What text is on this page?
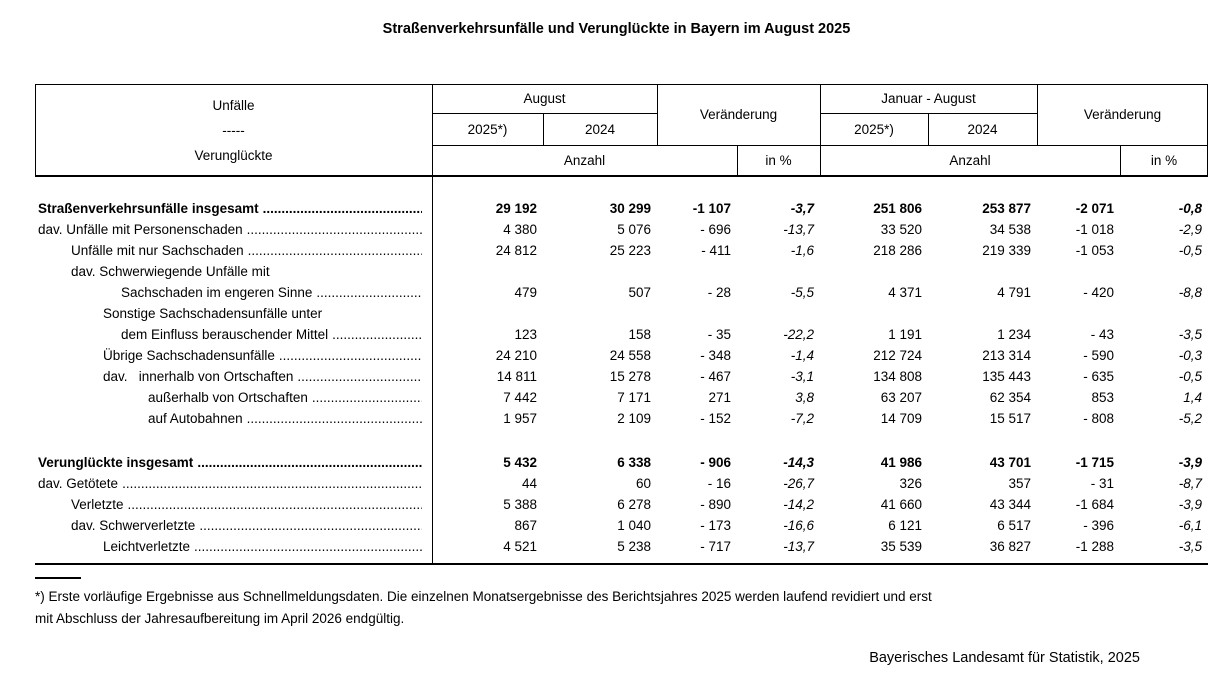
Straßenverkehrsunfälle und Verunglückte in Bayern im August 2025
Unfälle
-----
Verunglückte
August
2025*)	2024
Veränderung
Januar - August
2025*)	2024
Veränderung
Anzahl	in %	Anzahl	in %
Straßenverkehrsunfälle insgesamt .....	29 192	30 299	-1 107	-3,7	251 806	253 877	-2 071	-0,8
dav. Unfälle mit Personenschaden .....	4 380	5 076	- 696	-13,7	33 520	34 538	-1 018	-2,9
Unfälle mit nur Sachschaden .....	24 812	25 223	- 411	-1,6	218 286	219 339	-1 053	-0,5
dav. Schwerwiegende Unfälle mit
Sachschaden im engeren Sinne .....	479	507	- 28	-5,5	4 371	4 791	- 420	-8,8
Sonstige Sachschadensunfälle unter
dem Einfluss berauschender Mittel .....	123	158	- 35	-22,2	1 191	1 234	- 43	-3,5
Übrige Sachschadensunfälle .....	24 210	24 558	- 348	-1,4	212 724	213 314	- 590	-0,3
dav.   innerhalb von Ortschaften .....	14 811	15 278	- 467	-3,1	134 808	135 443	- 635	-0,5
außerhalb von Ortschaften .....	7 442	7 171	271	3,8	63 207	62 354	853	1,4
auf Autobahnen .....	1 957	2 109	- 152	-7,2	14 709	15 517	- 808	-5,2
Verunglückte insgesamt .....	5 432	6 338	- 906	-14,3	41 986	43 701	-1 715	-3,9
dav. Getötete .....	44	60	- 16	-26,7	326	357	- 31	-8,7
Verletzte .....	5 388	6 278	- 890	-14,2	41 660	43 344	-1 684	-3,9
dav. Schwerverletzte .....	867	1 040	- 173	-16,6	6 121	6 517	- 396	-6,1
Leichtverletzte .....	4 521	5 238	- 717	-13,7	35 539	36 827	-1 288	-3,5
*) Erste vorläufige Ergebnisse aus Schnellmeldungsdaten. Die einzelnen Monatsergebnisse des Berichtsjahres 2025 werden laufend revidiert und erst
mit Abschluss der Jahresaufbereitung im April 2026 endgültig.
Bayerisches Landesamt für Statistik, 2025
